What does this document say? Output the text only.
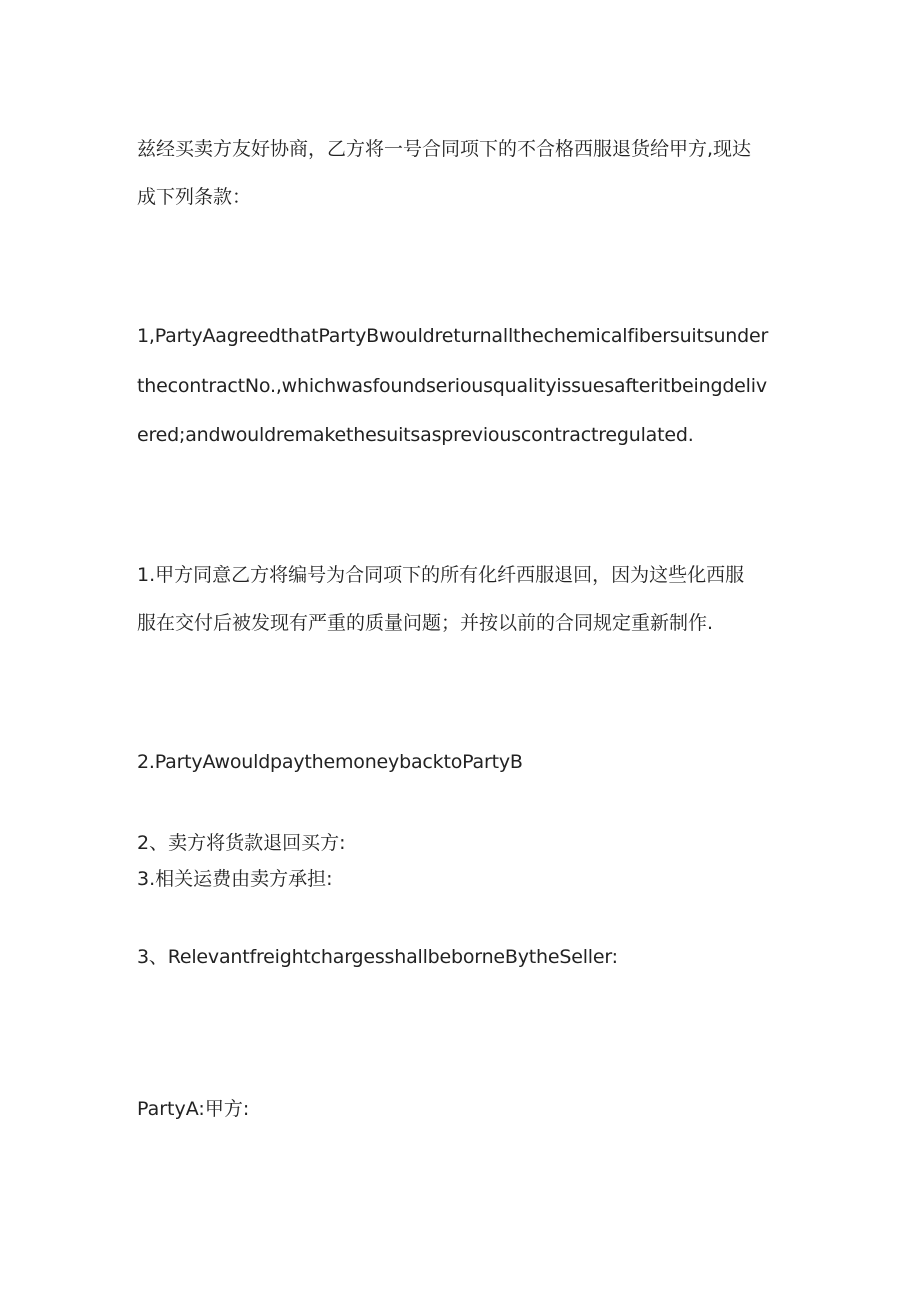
兹经买卖方友好协商，乙方将一号合同项下的不合格西服退货给甲方,现达
成下列条款：
1,PartyAagreedthatPartyBwouldreturnallthechemicalfibersuitsunder
thecontractNo.,whichwasfoundseriousqualityissuesafteritbeingdeliv
ered;andwouldremakethesuitsaspreviouscontractregulated.
1.甲方同意乙方将编号为合同项下的所有化纤西服退回，因为这些化西服
服在交付后被发现有严重的质量问题；并按以前的合同规定重新制作.
2.PartyAwouldpaythemoneybacktoPartyB
2、卖方将货款退回买方:
3.相关运费由卖方承担:
3、RelevantfreightchargesshallbeborneBytheSeller:
PartyA:甲方:
